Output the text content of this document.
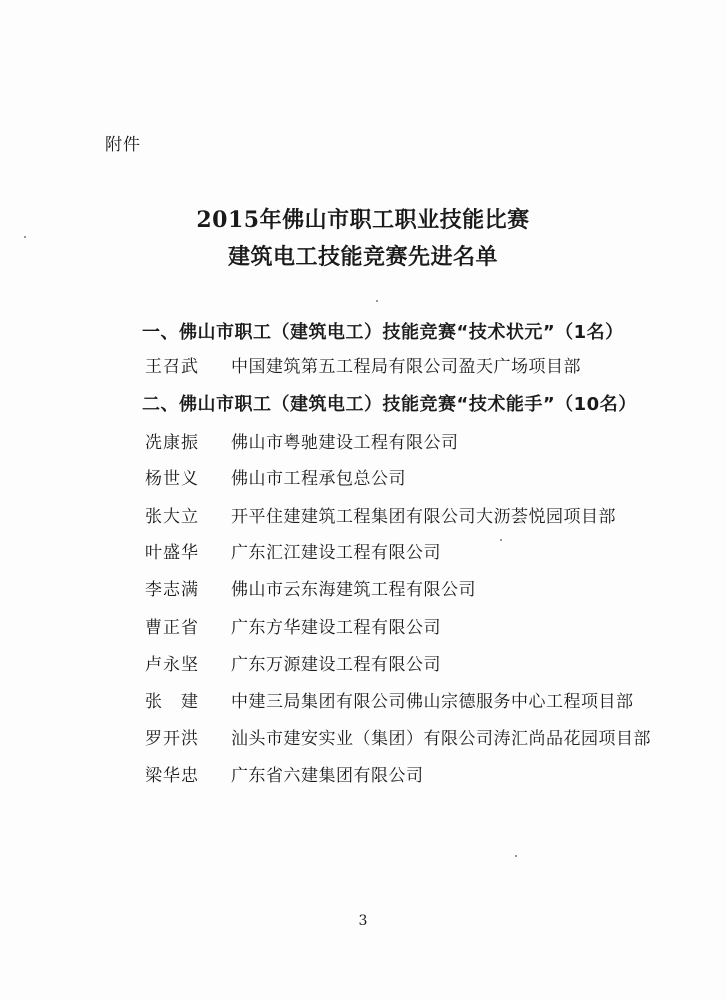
附件
2015年佛山市职工职业技能比赛
建筑电工技能竞赛先进名单
一、佛山市职工（建筑电工）技能竞赛“技术状元”（1名）
王召武 中国建筑第五工程局有限公司盈天广场项目部
二、佛山市职工（建筑电工）技能竞赛“技术能手”（10名）
冼康振 佛山市粤驰建设工程有限公司
杨世义 佛山市工程承包总公司
张大立 开平住建建筑工程集团有限公司大沥荟悦园项目部
叶盛华 广东汇江建设工程有限公司
李志满 佛山市云东海建筑工程有限公司
曹正省 广东方华建设工程有限公司
卢永坚 广东万源建设工程有限公司
张　建 中建三局集团有限公司佛山宗德服务中心工程项目部
罗开洪 汕头市建安实业（集团）有限公司涛汇尚品花园项目部
梁华忠 广东省六建集团有限公司
3
